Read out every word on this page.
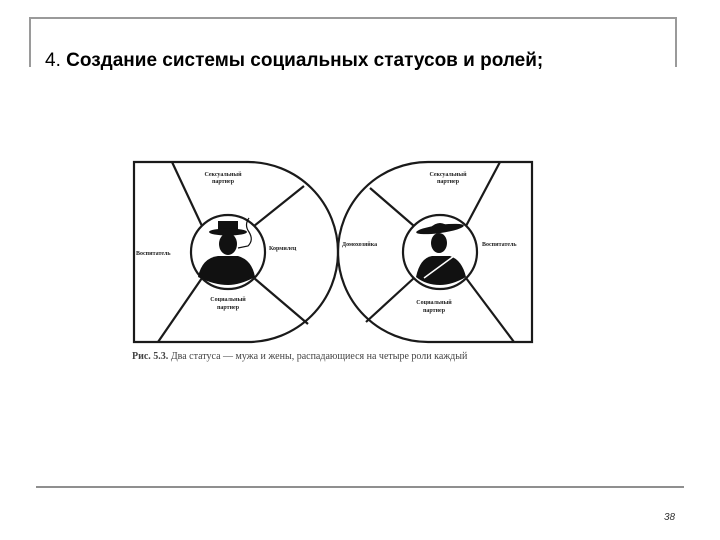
4. Создание системы социальных статусов и ролей;
Сексуальный
партнер
Воспитатель
Кормилец
Социальный
партнер
Сексуальный
партнер
Домохозяйка	Воспитатель
Социальный
партнер
Рис. 5.3. Два статуса — мужа и жены, распадающиеся на четыре роли каждый
38
